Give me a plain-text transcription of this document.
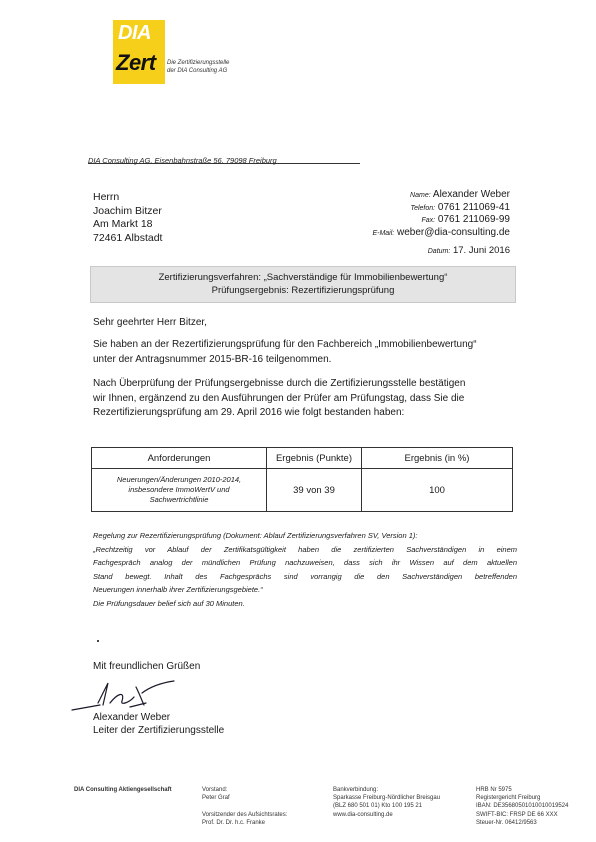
DIA
Zert Die Zertifizierungsstelle
der DIA Consulting AG
DIA Consulting AG, Eisenbahnstraße 56, 79098 Freiburg
Herrn
Joachim Bitzer
Am Markt 18
72461 Albstadt
Name: Alexander Weber
Telefon: 0761 211069-41
Fax: 0761 211069-99
E-Mail: weber@dia-consulting.de
Datum: 17. Juni 2016
Zertifizierungsverfahren: „Sachverständige für Immobilienbewertung“
Prüfungsergebnis: Rezertifizierungsprüfung
Sehr geehrter Herr Bitzer,
Sie haben an der Rezertifizierungsprüfung für den Fachbereich „Immobilienbewertung“
unter der Antragsnummer 2015-BR-16 teilgenommen.
Nach Überprüfung der Prüfungsergebnisse durch die Zertifizierungsstelle bestätigen
wir Ihnen, ergänzend zu den Ausführungen der Prüfer am Prüfungstag, dass Sie die
Rezertifizierungsprüfung am 29. April 2016 wie folgt bestanden haben:
Anforderungen	Ergebnis (Punkte)	Ergebnis (in %)

Neuerungen/Änderungen 2010-2014,
insbesondere ImmoWertV und
Sachwertrichtlinie	39 von 39	100
Regelung zur Rezertifizierungsprüfung (Dokument: Ablauf Zertifizierungsverfahren SV, Version 1):
„Rechtzeitig vor Ablauf der Zertifikatsgültigkeit haben die zertifizierten Sachverständigen in einem
Fachgespräch analog der mündlichen Prüfung nachzuweisen, dass sich ihr Wissen auf dem aktuellen
Stand bewegt. Inhalt des Fachgesprächs sind vorrangig die den Sachverständigen betreffenden
Neuerungen innerhalb ihrer Zertifizierungsgebiete.“
Die Prüfungsdauer belief sich auf 30 Minuten.
Mit freundlichen Grüßen
Alexander Weber
Leiter der Zertifizierungsstelle
DIA Consulting Aktiengesellschaft	Vorstand:
Peter Graf

Vorsitzender des Aufsichtsrates:
Prof. Dr. Dr. h.c. Franke
Bankverbindung:
Sparkasse Freiburg-Nördlicher Breisgau
(BLZ 680 501 01) Kto 100 195 21
www.dia-consulting.de
HRB Nr 5975
Registergericht Freiburg
IBAN: DE35680501010010019524
SWIFT-BIC: FRSP DE 66 XXX
Steuer-Nr. 06412/9563
